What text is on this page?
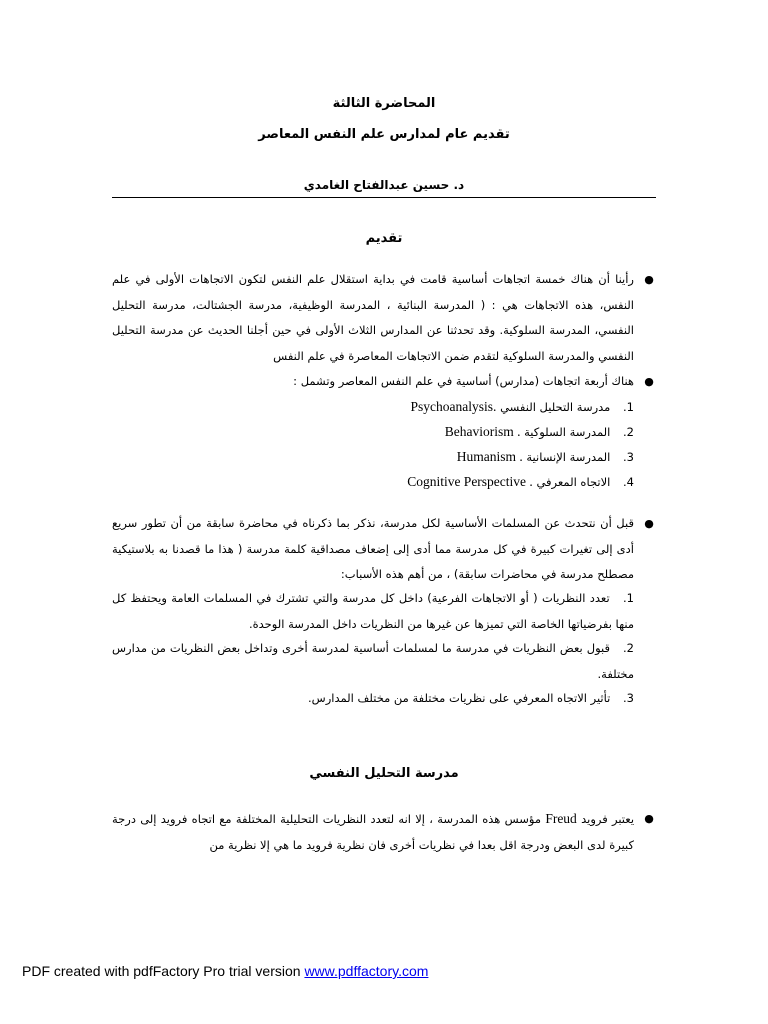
المحاضرة الثالثة
تقديم عام لمدارس علم النفس المعاصر
د. حسين عبدالفتاح الغامدي
تقديم
●
رأينا أن هناك خمسة اتجاهات أساسية قامت في بداية استقلال علم النفس لتكون الاتجاهات الأولى في علم النفس، هذه الاتجاهات هي : ( المدرسة البنائية ، المدرسة الوظيفية، مدرسة الجشتالت، مدرسة التحليل النفسي، المدرسة السلوكية. وقد تحدثنا عن المدارس الثلاث الأولى في حين أجلنا الحديث عن مدرسة التحليل النفسي والمدرسة السلوكية لتقدم ضمن الاتجاهات المعاصرة في علم النفس
●
هناك أربعة اتجاهات (مدارس) أساسية في علم النفس المعاصر وتشمل :
1. مدرسة التحليل النفسي Psychoanalysis.
2. المدرسة السلوكية Behaviorism .
3. المدرسة الإنسانية Humanism .
4. الاتجاه المعرفي Cognitive Perspective .
●
قبل أن نتحدث عن المسلمات الأساسية لكل مدرسة، نذكر بما ذكرناه في محاضرة سابقة من أن تطور سريع أدى إلى تغيرات كبيرة في كل مدرسة مما أدى إلى إضعاف مصداقية كلمة مدرسة ( هذا ما قصدنا به بلاستيكية مصطلح مدرسة في محاضرات سابقة) ، من أهم هذه الأسباب:
1. تعدد النظريات ( أو الاتجاهات الفرعية) داخل كل مدرسة والتي تشترك في المسلمات العامة ويحتفظ كل منها بفرضياتها الخاصة التي تميزها عن غيرها من النظريات داخل المدرسة الوحدة.
2. قبول بعض النظريات في مدرسة ما لمسلمات أساسية لمدرسة أخرى وتداخل بعض النظريات من مدارس مختلفة.
3. تأثير الاتجاه المعرفي على نظريات مختلفة من مختلف المدارس.
مدرسة التحليل النفسي
●
يعتبر فرويد Freud مؤسس هذه المدرسة ، إلا انه لتعدد النظريات التحليلية المختلفة مع اتجاه فرويد إلى درجة كبيرة لدى البعض ودرجة اقل بعدا في نظريات أخرى فان نظرية فرويد ما هي إلا نظرية من
PDF created with pdfFactory Pro trial version www.pdffactory.com
